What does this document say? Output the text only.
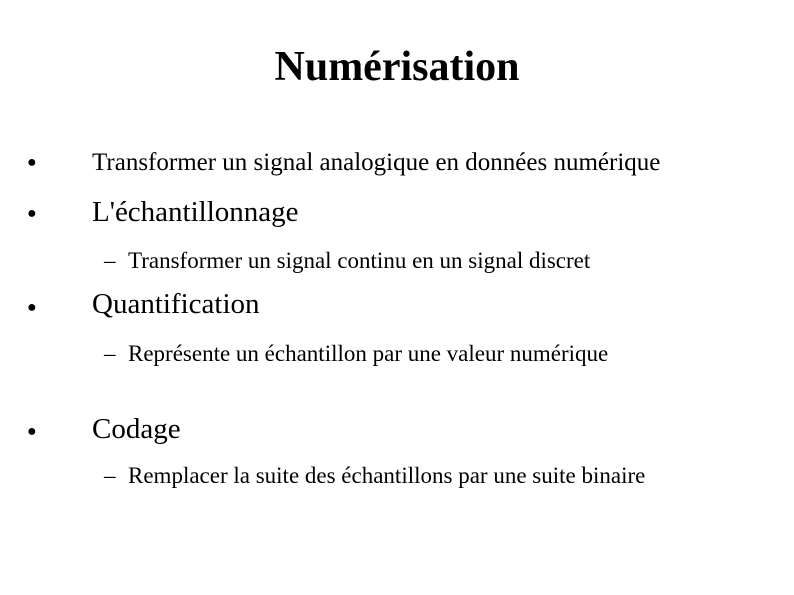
Numérisation
● Transformer un signal analogique en données numérique

● L'échantillonnage

– Transformer un signal continu en un signal discret

● Quantification

– Représente un échantillon par une valeur numérique

● Codage

– Remplacer la suite des échantillons par une suite binaire
